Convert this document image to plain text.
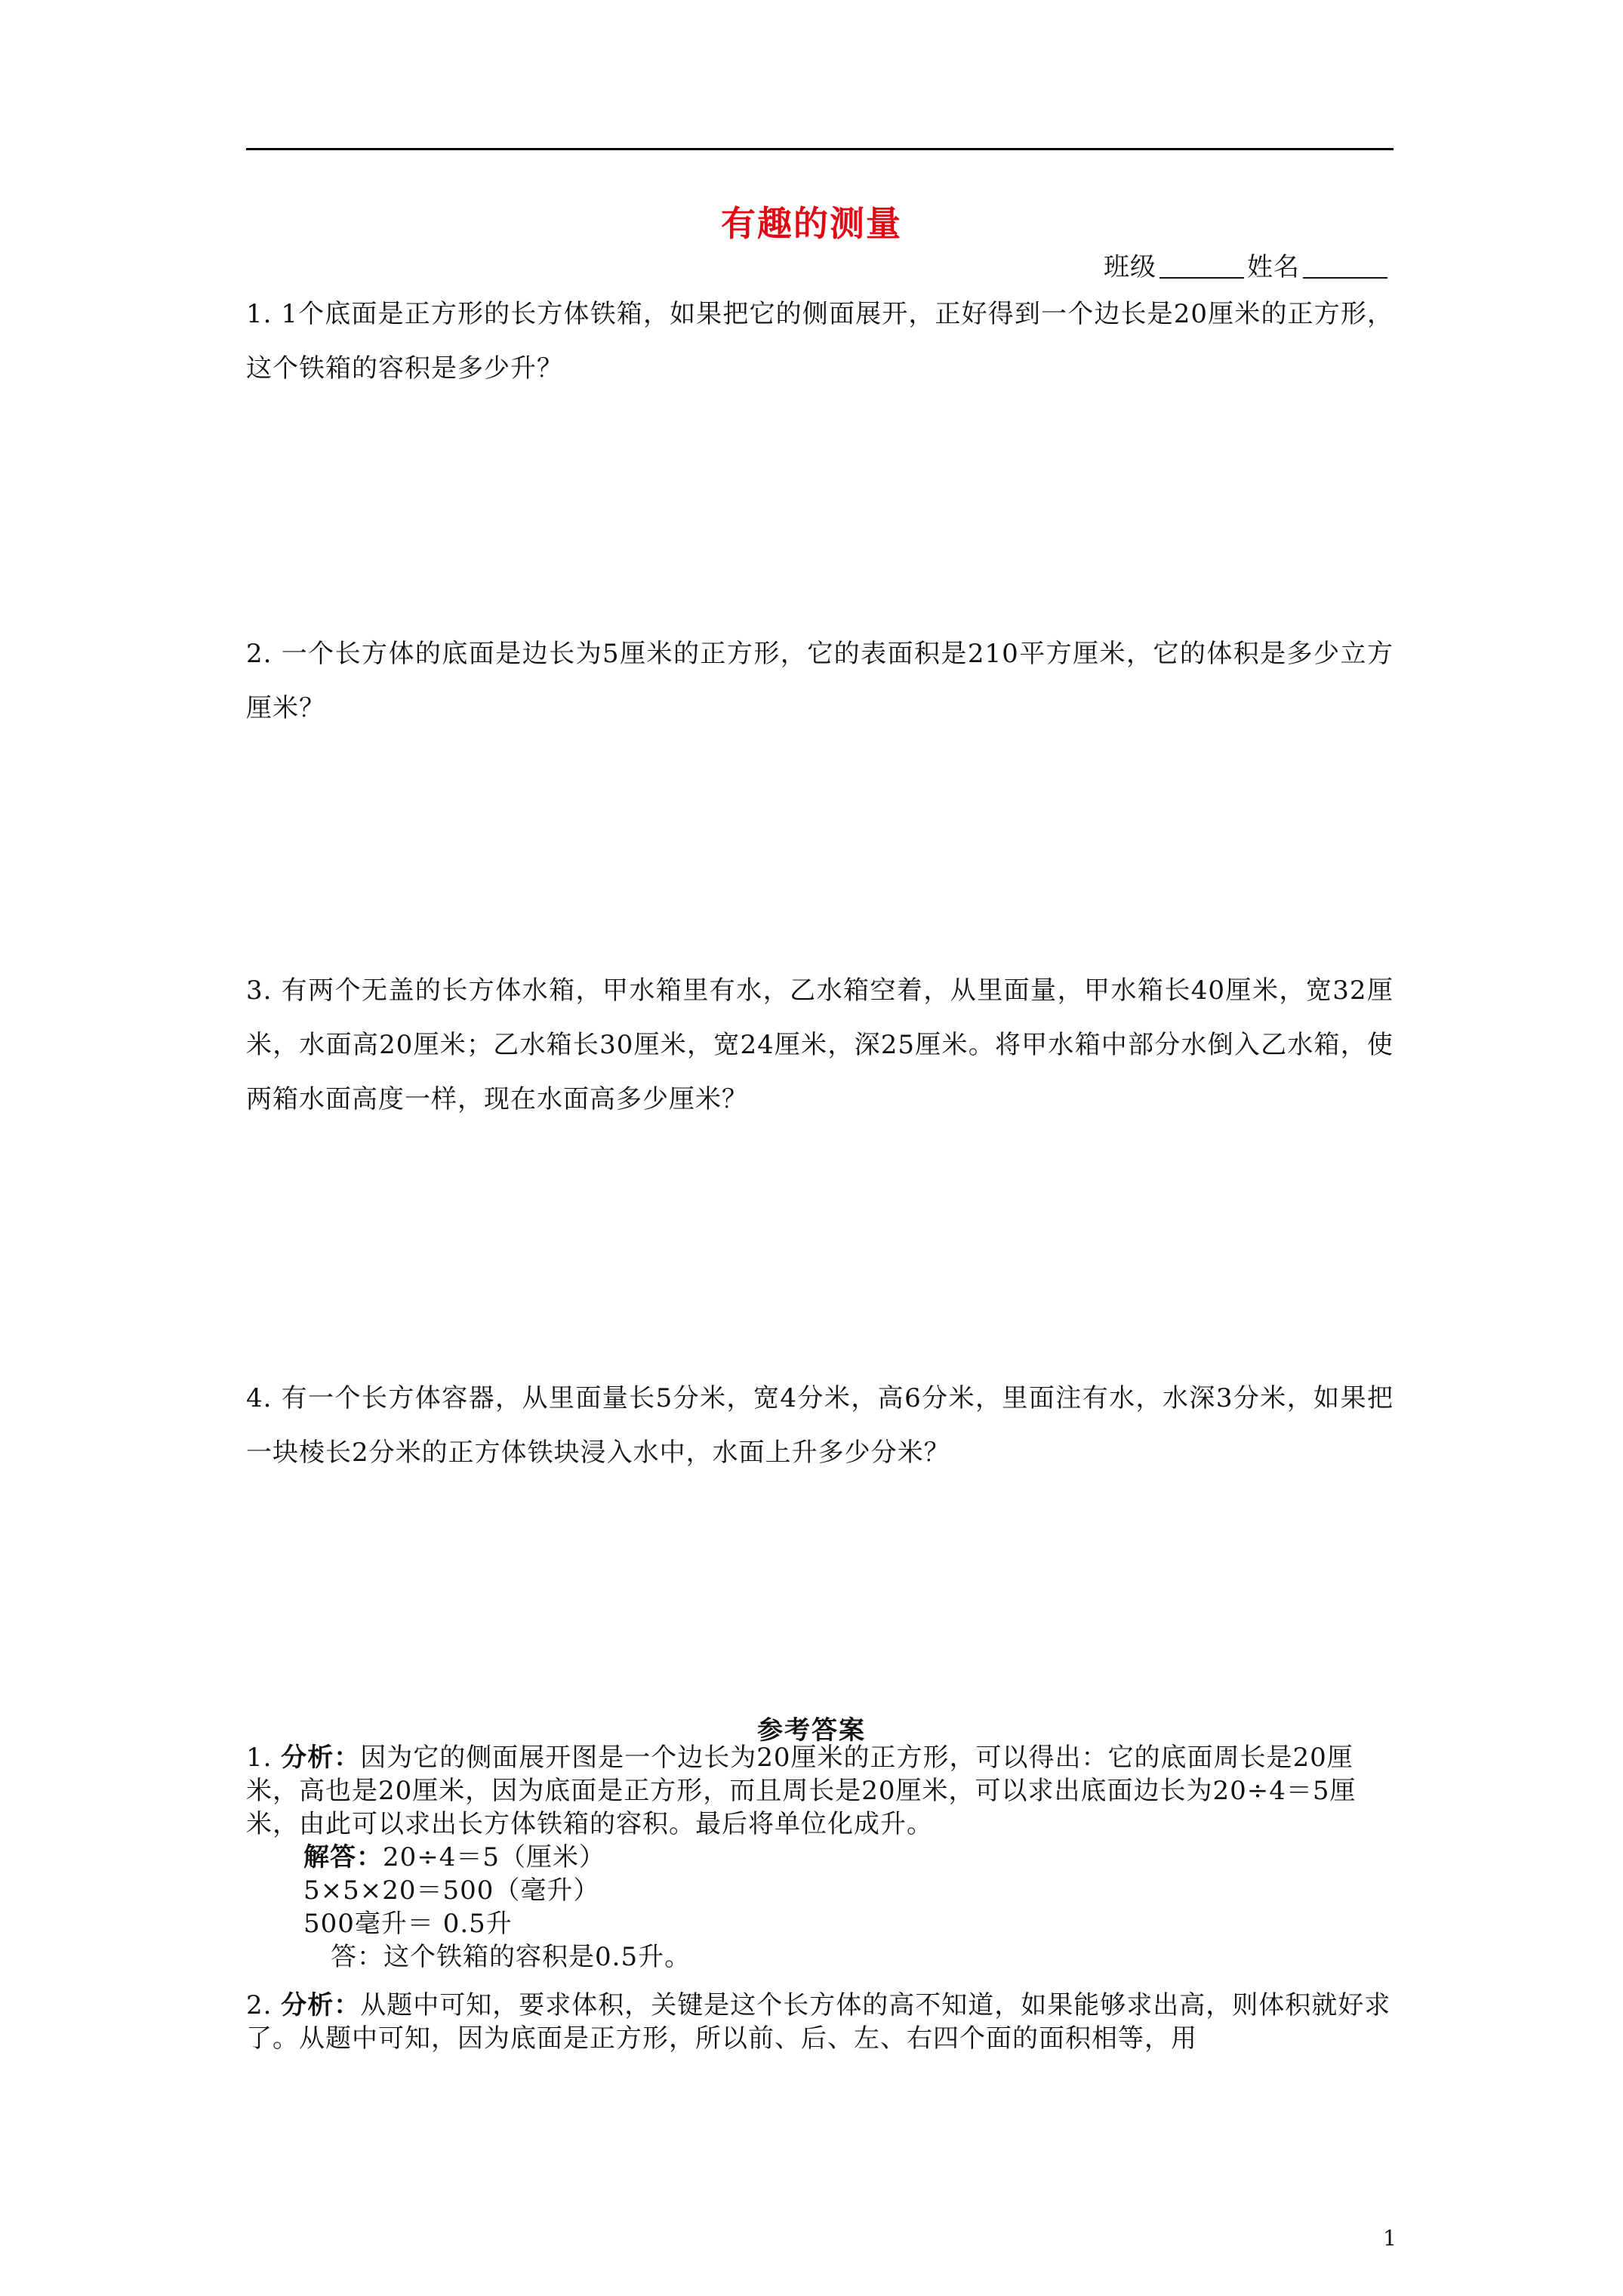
有趣的测量
班级	姓名
1. 1个底面是正方形的长方体铁箱，如果把它的侧面展开，正好得到一个边长是20厘米的正方形，这个铁箱的容积是多少升？
2. 一个长方体的底面是边长为5厘米的正方形，它的表面积是210平方厘米，它的体积是多少立方厘米？
3. 有两个无盖的长方体水箱，甲水箱里有水，乙水箱空着，从里面量，甲水箱长40厘米，宽32厘米，水面高20厘米；乙水箱长30厘米，宽24厘米，深25厘米。将甲水箱中部分水倒入乙水箱，使两箱水面高度一样，现在水面高多少厘米？
4. 有一个长方体容器，从里面量长5分米，宽4分米，高6分米，里面注有水，水深3分米，如果把一块棱长2分米的正方体铁块浸入水中，水面上升多少分米？
参考答案
1. 分析：因为它的侧面展开图是一个边长为20厘米的正方形，可以得出：它的底面周长是20厘米，高也是20厘米，因为底面是正方形，而且周长是20厘米，可以求出底面边长为20÷4＝5厘米，由此可以求出长方体铁箱的容积。最后将单位化成升。
解答：20÷4＝5（厘米）
5×5×20＝500（毫升）
500毫升＝ 0.5升
答：这个铁箱的容积是0.5升。
2. 分析：从题中可知，要求体积，关键是这个长方体的高不知道，如果能够求出高，则体积就好求了。从题中可知，因为底面是正方形，所以前、后、左、右四个面的面积相等，用
1
